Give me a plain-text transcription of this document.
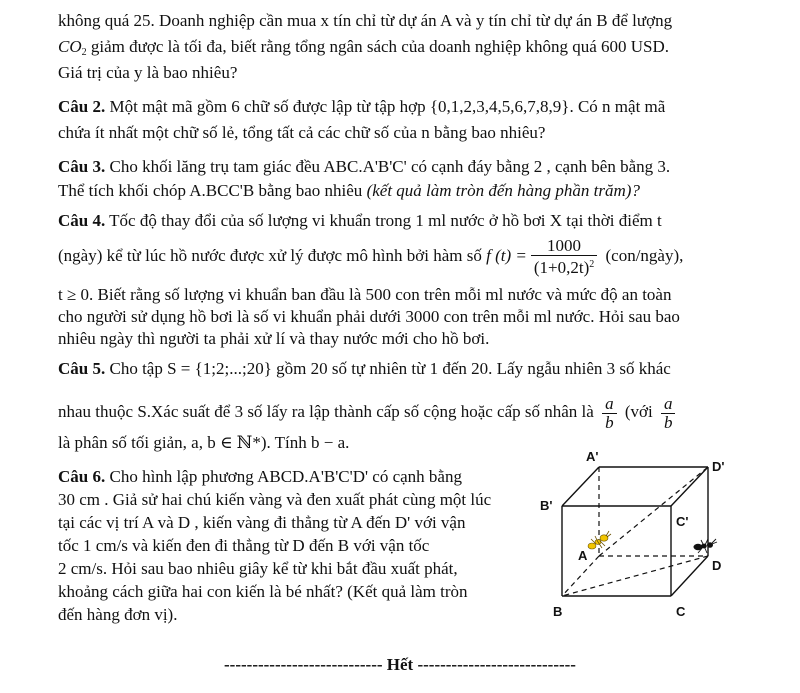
không quá 25. Doanh nghiệp cần mua x tín chỉ từ dự án A và y tín chỉ từ dự án B để lượng
$CO_2$ giảm được là tối đa, biết rằng tổng ngân sách của doanh nghiệp không quá 600 USD.
Giá trị của y là bao nhiêu?
Câu 2. Một mật mã gồm 6 chữ số được lập từ tập hợp {0,1,2,3,4,5,6,7,8,9}. Có n mật mã
chứa ít nhất một chữ số lẻ, tổng tất cả các chữ số của n bằng bao nhiêu?
Câu 3. Cho khối lăng trụ tam giác đều ABC.A'B'C' có cạnh đáy bằng 2 , cạnh bên bằng 3.
Thể tích khối chóp A.BCC'B bằng bao nhiêu (kết quả làm tròn đến hàng phần trăm)?
Câu 4. Tốc độ thay đổi của số lượng vi khuẩn trong 1 ml nước ở hồ bơi X tại thời điểm t
(ngày) kể từ lúc hồ nước được xử lý được mô hình bởi hàm số f $(t) = \frac{1000}{(1+0,2t)^2}$ (con/ngày),
t ≥ 0. Biết rằng số lượng vi khuẩn ban đầu là 500 con trên mỗi ml nước và mức độ an toàn
cho người sử dụng hồ bơi là số vi khuẩn phải dưới 3000 con trên mỗi ml nước. Hỏi sau bao
nhiêu ngày thì người ta phải xử lí và thay nước mới cho hồ bơi.
Câu 5. Cho tập S = {1;2;...;20} gồm 20 số tự nhiên từ 1 đến 20. Lấy ngẫu nhiên 3 số khác
nhau thuộc S.Xác suất để 3 số lấy ra lập thành cấp số cộng hoặc cấp số nhân là $\frac{a}{b}$ (với $\frac{a}{b}$
là phân số tối giản, a, b ∈ ℕ*). Tính b − a.
Câu 6. Cho hình lập phương ABCD.A'B'C'D' có cạnh bằng
30 cm . Giả sử hai chú kiến vàng và đen xuất phát cùng một lúc
tại các vị trí A và D , kiến vàng đi thẳng từ A đến D' với vận
tốc 1 cm/s và kiến đen đi thẳng từ D đến B với vận tốc
2 cm/s. Hỏi sau bao nhiêu giây kể từ khi bắt đầu xuất phát,
khoảng cách giữa hai con kiến là bé nhất? (Kết quả làm tròn
đến hàng đơn vị).
A'
D'
B'
C'
A
D
B	C
---------------------------- Hết ----------------------------
